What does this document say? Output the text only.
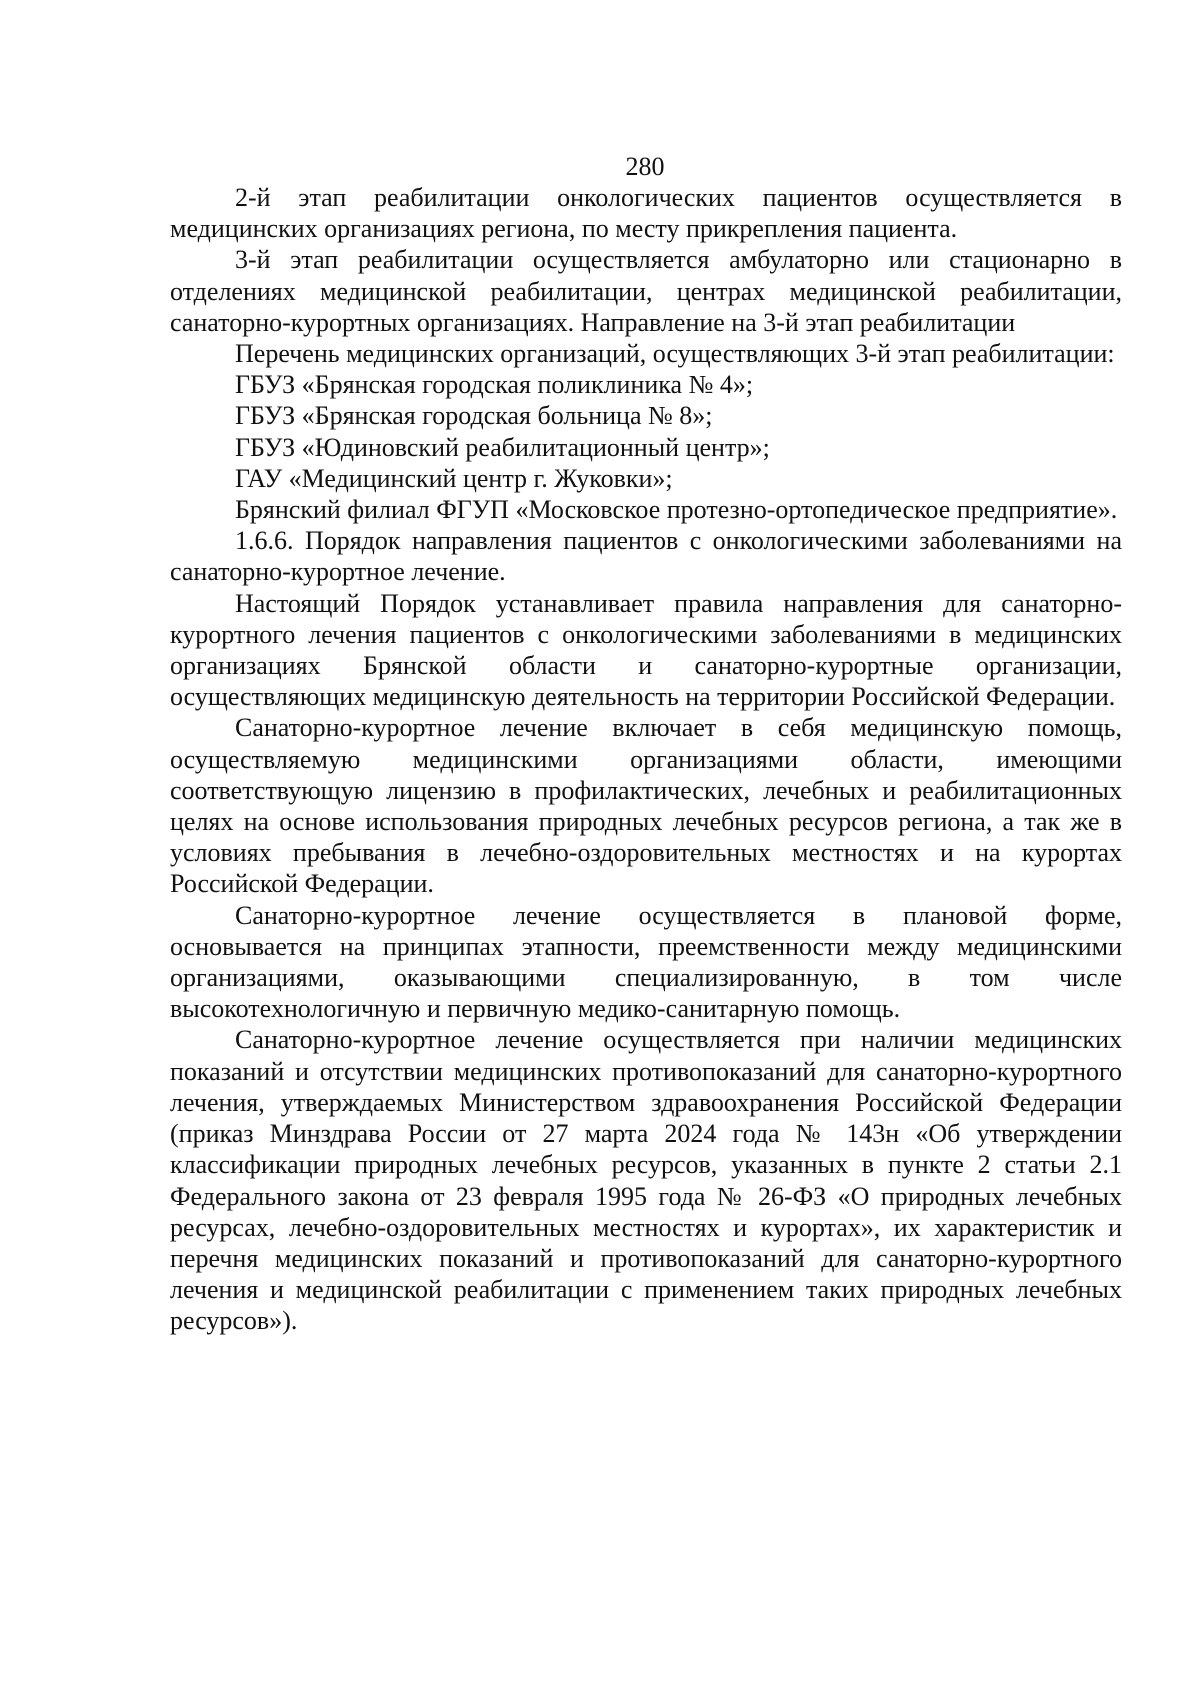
280

2-й этап реабилитации онкологических пациентов осуществляется в медицинских организациях региона, по месту прикрепления пациента.

3-й этап реабилитации осуществляется амбулаторно или стационарно в отделениях медицинской реабилитации, центрах медицинской реабилитации, санаторно-курортных организациях. Направление на 3-й этап реабилитации

Перечень медицинских организаций, осуществляющих 3-й этап реабилитации:

ГБУЗ «Брянская городская поликлиника № 4»;

ГБУЗ «Брянская городская больница № 8»;

ГБУЗ «Юдиновский реабилитационный центр»;

ГАУ «Медицинский центр г. Жуковки»;

Брянский филиал ФГУП «Московское протезно-ортопедическое предприятие».

1.6.6. Порядок направления пациентов с онкологическими заболеваниями на санаторно-курортное лечение.

Настоящий Порядок устанавливает правила направления для санаторно-курортного лечения пациентов с онкологическими заболеваниями в медицинских организациях Брянской области и санаторно-курортные организации, осуществляющих медицинскую деятельность на территории Российской Федерации.

Санаторно-курортное лечение включает в себя медицинскую помощь, осуществляемую медицинскими организациями области, имеющими соответствующую лицензию в профилактических, лечебных и реабилитационных целях на основе использования природных лечебных ресурсов региона, а так же в условиях пребывания в лечебно-оздоровительных местностях и на курортах Российской Федерации.

Санаторно-курортное лечение осуществляется в плановой форме, основывается на принципах этапности, преемственности между медицинскими организациями, оказывающими специализированную, в том числе высокотехнологичную и первичную медико-санитарную помощь.

Санаторно-курортное лечение осуществляется при наличии медицинских показаний и отсутствии медицинских противопоказаний для санаторно-курортного лечения, утверждаемых Министерством здравоохранения Российской Федерации (приказ Минздрава России от 27 марта 2024 года № 143н «Об утверждении классификации природных лечебных ресурсов, указанных в пункте 2 статьи 2.1 Федерального закона от 23 февраля 1995 года № 26-ФЗ «О природных лечебных ресурсах, лечебно-оздоровительных местностях и курортах», их характеристик и перечня медицинских показаний и противопоказаний для санаторно-курортного лечения и медицинской реабилитации с применением таких природных лечебных ресурсов»).
